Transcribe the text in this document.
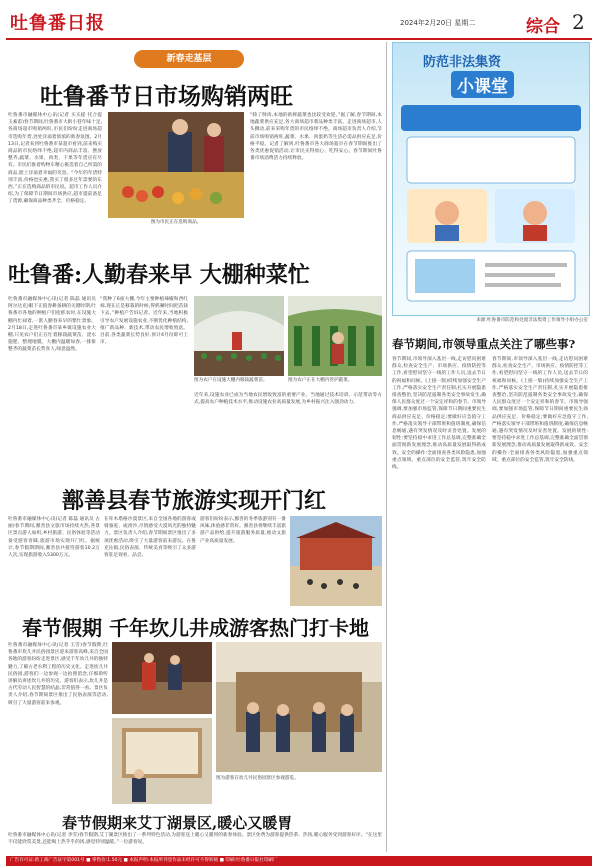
吐鲁番日报	2024年2月20日 星期二	综合 2
新春走基层
吐鲁番节日市场购销两旺
吐鲁番市融媒体中心讯(记者 买买提 托合提 玉素甫)春节期间,吐鲁番市大街小巷年味十足,各商场超市购销两旺,市民们纷纷走进商场超市选购年货,处处洋溢着浓浓的新春氛围。2月13日,记者来到吐鲁番市某超市看到,前来购买商品的市民络绎不绝,超市内商品丰富、摆放整齐,蔬菜、水果、肉类、干果等年货应有尽有。市民们推着购物车精心挑选着自己所需的商品,脸上洋溢着幸福的笑容。“今年的年货特别丰富,价格也实惠,我买了很多过年需要的东西。”正在选购商品的市民说。超市工作人员介绍,为了保障节日期间市场供应,超市提前备足了货源,确保商品种类齐全、价格稳定。
图为市民正在选购商品。
“除了鲜肉,本地的新鲜蔬菜也比较受欢迎。”据了解,春节期间,本地蔬菜供应充足,各大商场超市菜品种类丰富。走进商场超市,人头攒动,前来采购年货的市民络绎不绝。商场超市负责人介绍,节前市场购销两旺,蔬菜、水果、肉蛋奶等生活必需品供应充足,价格平稳。记者了解到,吐鲁番市各大商场超市在春节期间推出了各类优惠促销活动,让市民买得放心、吃得安心。春节期间吐鲁番市场消费活力持续释放。
吐鲁番:人勤春来早 大棚种菜忙
吐鲁番市融媒体中心讯(记者 陈磊 通讯员 阿尔达克)眼下正值春耕备耕的关键时期,吐鲁番市各地的种植户们抢抓农时,在设施大棚内忙碌着,一派人勤春来早的繁忙景象。2月18日,走进吐鲁番市某乡镇设施农业大棚,只见农户们正在忙着移栽蔬菜苗、浇水施肥、整理地膜。大棚内温暖如春,一排排整齐的蔬菜苗长势喜人,绿意盎然。
“我种了6座大棚,今年主要种植辣椒和西红柿,现在正是移栽的时候,得抓紧时间把苗栽下去。”种植户告诉记者。近年来,当地积极引导农户发展设施农业,不断优化种植结构,推广新品种、新技术,带动农民增收致富。目前,各类蔬菜长势良好,预计4月份即可上市。
图为农户在设施大棚内移栽蔬菜苗。	图为农户正在大棚内管护蔬菜。
近年来,设施农业已成为当地农民增收致富的重要产业。当地通过技术培训、示范带动等方式,提高农户种植技术水平,推动设施农业高质量发展,为乡村振兴注入强劲动力。
防范非法集资
小课堂
来源:吐鲁番市防范和处置非法集资工作领导小组办公室
春节期间,市领导重点关注了哪些事?
春节期间,市领导深入基层一线,走访慰问困难群众,检查安全生产、市场供应、疫情防控等工作,看望慰问坚守一线的工作人员,送去节日的祝福和问候。(上接一版)持续加强安全生产工作,严格落实安全生产责任制,扎实开展隐患排查整治,坚决防范遏制各类安全事故发生,确保人民群众度过一个安定祥和的春节。市领导强调,要加强市场监管,保障节日期间重要民生商品供应充足、价格稳定;要做好应急值守工作,严格落实领导干部带班和值班制度,确保信息畅通,遇有突发情况及时妥善处置。发展的韧性:要坚持稳中求进工作总基调,完整准确全面贯彻新发展理念,推动高质量发展取得新成效。安全的操作:全面排查各类风险隐患,加强重点领域、重点部位的安全监管,筑牢安全防线。
春节期间,市领导深入基层一线,走访慰问困难群众,检查安全生产、市场供应、疫情防控等工作,看望慰问坚守一线的工作人员,送去节日的祝福和问候。(上接一版)持续加强安全生产工作,严格落实安全生产责任制,扎实开展隐患排查整治,坚决防范遏制各类安全事故发生,确保人民群众度过一个安定祥和的春节。市领导强调,要加强市场监管,保障节日期间重要民生商品供应充足、价格稳定;要做好应急值守工作,严格落实领导干部带班和值班制度,确保信息畅通,遇有突发情况及时妥善处置。发展的韧性:要坚持稳中求进工作总基调,完整准确全面贯彻新发展理念,推动高质量发展取得新成效。安全的操作:全面排查各类风险隐患,加强重点领域、重点部位的安全监管,筑牢安全防线。
鄯善县春节旅游实现开门红
吐鲁番市融媒体中心讯(记者 陈磊 通讯员 古丽)春节期间,鄯善县文旅市场持续火热,各景区景点游人如织,乡村旅游、民俗体验等活动备受游客青睐,旅游市场实现开门红。据统计,春节假期期间,鄯善县共接待游客10.2万人次,实现旅游收入5300万元。
在库木塔格沙漠景区,来自全国各地的游客或骑骆驼、或滑沙,尽情感受大漠风光的独特魅力。景区负责人介绍,春节期间景区推出了多项优惠活动,吸引了大量游客前来游玩。在鲁克沁镇,民俗表演、传统美食等吸引了众多游客驻足观看、品尝。
游客们纷纷表示,鄯善的冬季旅游别有一番风味,体验感非常好。鄯善县将继续丰富旅游产品供给,提升旅游服务质量,推动文旅产业高质量发展。
春节假期 千年坎儿井成游客热门打卡地
吐鲁番市融媒体中心讯(记者 王雪)春节假期,吐鲁番市坎儿井民俗园景区迎来游客高峰,来自全国各地的游客纷纷走进景区,感受千年坎儿井的独特魅力,了解古老水利工程的历史文化。走进坎儿井民俗园,游客们一边参观一边拍照留念,仔细聆听讲解员讲述坎儿井的历史。游客们表示,坎儿井是古代劳动人民智慧的结晶,非常值得一看。景区负责人介绍,春节期间景区推出了民俗表演等活动,吸引了大量游客前来参观。
图为游客在坎儿井民俗园景区参观游览。
春节假期来艾丁湖景区,暖心又暖胃
吐鲁番市融媒体中心讯(记者 李雪)春节假期,艾丁湖景区推出了一系列特色活动,为游客送上暖心又暖胃的新春体验。景区免费为游客提供热茶、热汤,暖心服务受到游客好评。“在这里不仅能欣赏美景,还能喝上热乎乎的汤,感觉特别温暖。”一位游客说。
广告许可证:新工商广告证字第001号 ■ 零售价:1.50元 ■ 本报声明:本报所刊登作品未经许可不得转载 ■ 印刷:吐鲁番日报社印刷厂
